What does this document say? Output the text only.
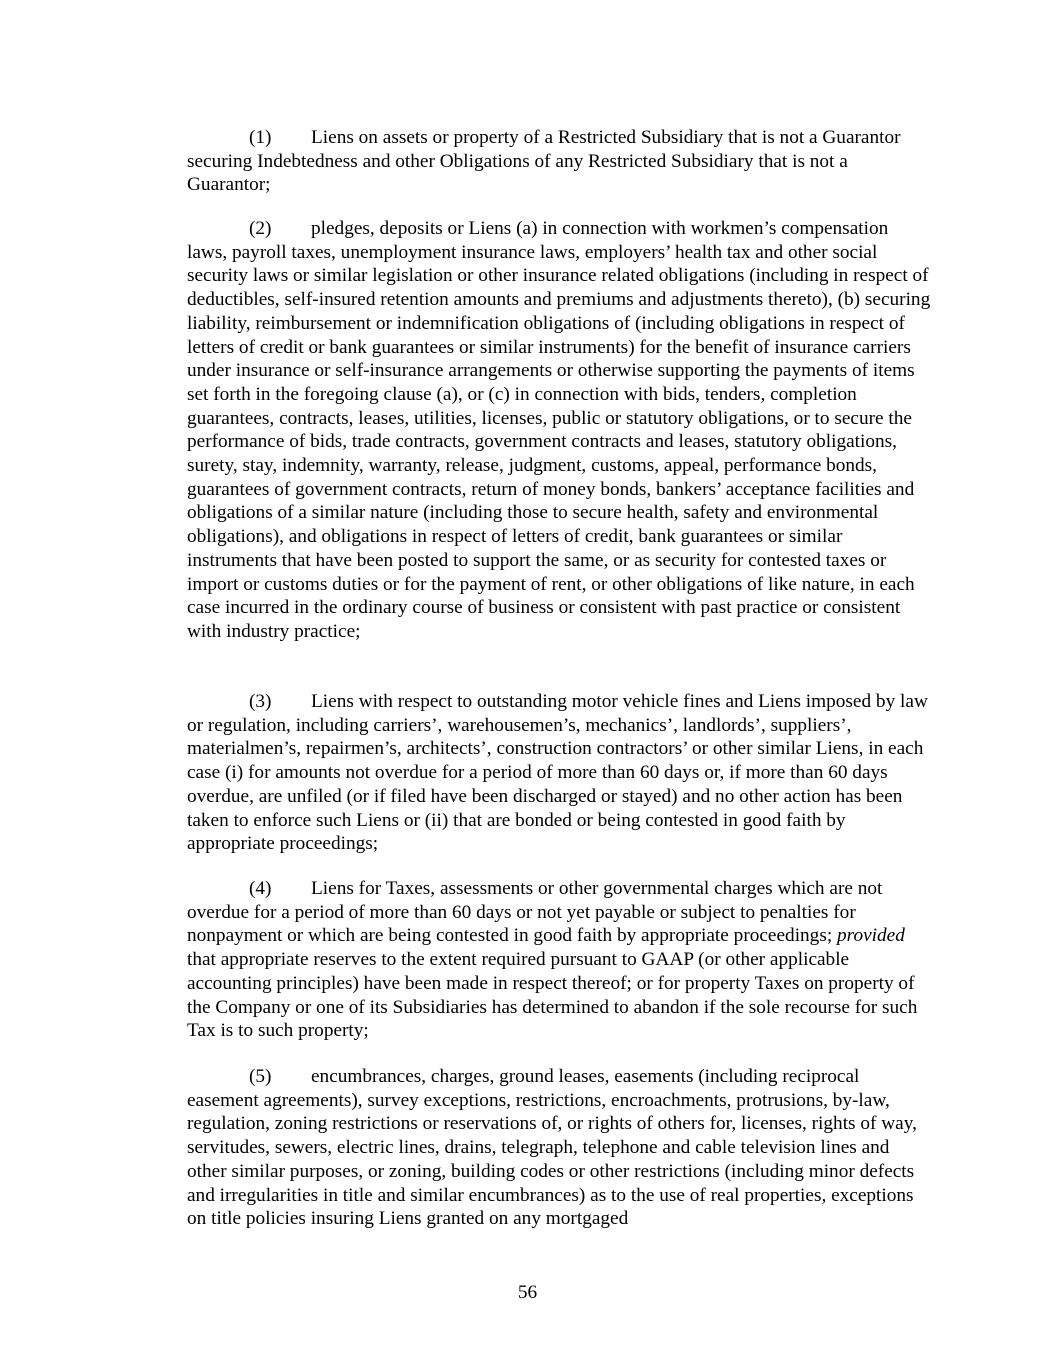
(1) Liens on assets or property of a Restricted Subsidiary that is not a Guarantor securing Indebtedness and other Obligations of any Restricted Subsidiary that is not a Guarantor;

(2) pledges, deposits or Liens (a) in connection with workmen’s compensation laws, payroll taxes, unemployment insurance laws, employers’ health tax and other social security laws or similar legislation or other insurance related obligations (including in respect of deductibles, self-insured retention amounts and premiums and adjustments thereto), (b) securing liability, reimbursement or indemnification obligations of (including obligations in respect of letters of credit or bank guarantees or similar instruments) for the benefit of insurance carriers under insurance or self-insurance arrangements or otherwise supporting the payments of items set forth in the foregoing clause (a), or (c) in connection with bids, tenders, completion guarantees, contracts, leases, utilities, licenses, public or statutory obligations, or to secure the performance of bids, trade contracts, government contracts and leases, statutory obligations, surety, stay, indemnity, warranty, release, judgment, customs, appeal, performance bonds, guarantees of government contracts, return of money bonds, bankers’ acceptance facilities and obligations of a similar nature (including those to secure health, safety and environmental obligations), and obligations in respect of letters of credit, bank guarantees or similar instruments that have been posted to support the same, or as security for contested taxes or import or customs duties or for the payment of rent, or other obligations of like nature, in each case incurred in the ordinary course of business or consistent with past practice or consistent with industry practice;

(3) Liens with respect to outstanding motor vehicle fines and Liens imposed by law or regulation, including carriers’, warehousemen’s, mechanics’, landlords’, suppliers’, materialmen’s, repairmen’s, architects’, construction contractors’ or other similar Liens, in each case (i) for amounts not overdue for a period of more than 60 days or, if more than 60 days overdue, are unfiled (or if filed have been discharged or stayed) and no other action has been taken to enforce such Liens or (ii) that are bonded or being contested in good faith by appropriate proceedings;

(4) Liens for Taxes, assessments or other governmental charges which are not overdue for a period of more than 60 days or not yet payable or subject to penalties for nonpayment or which are being contested in good faith by appropriate proceedings; provided that appropriate reserves to the extent required pursuant to GAAP (or other applicable accounting principles) have been made in respect thereof; or for property Taxes on property of the Company or one of its Subsidiaries has determined to abandon if the sole recourse for such Tax is to such property;

(5) encumbrances, charges, ground leases, easements (including reciprocal easement agreements), survey exceptions, restrictions, encroachments, protrusions, by-law, regulation, zoning restrictions or reservations of, or rights of others for, licenses, rights of way, servitudes, sewers, electric lines, drains, telegraph, telephone and cable television lines and other similar purposes, or zoning, building codes or other restrictions (including minor defects and irregularities in title and similar encumbrances) as to the use of real properties, exceptions on title policies insuring Liens granted on any mortgaged

56
